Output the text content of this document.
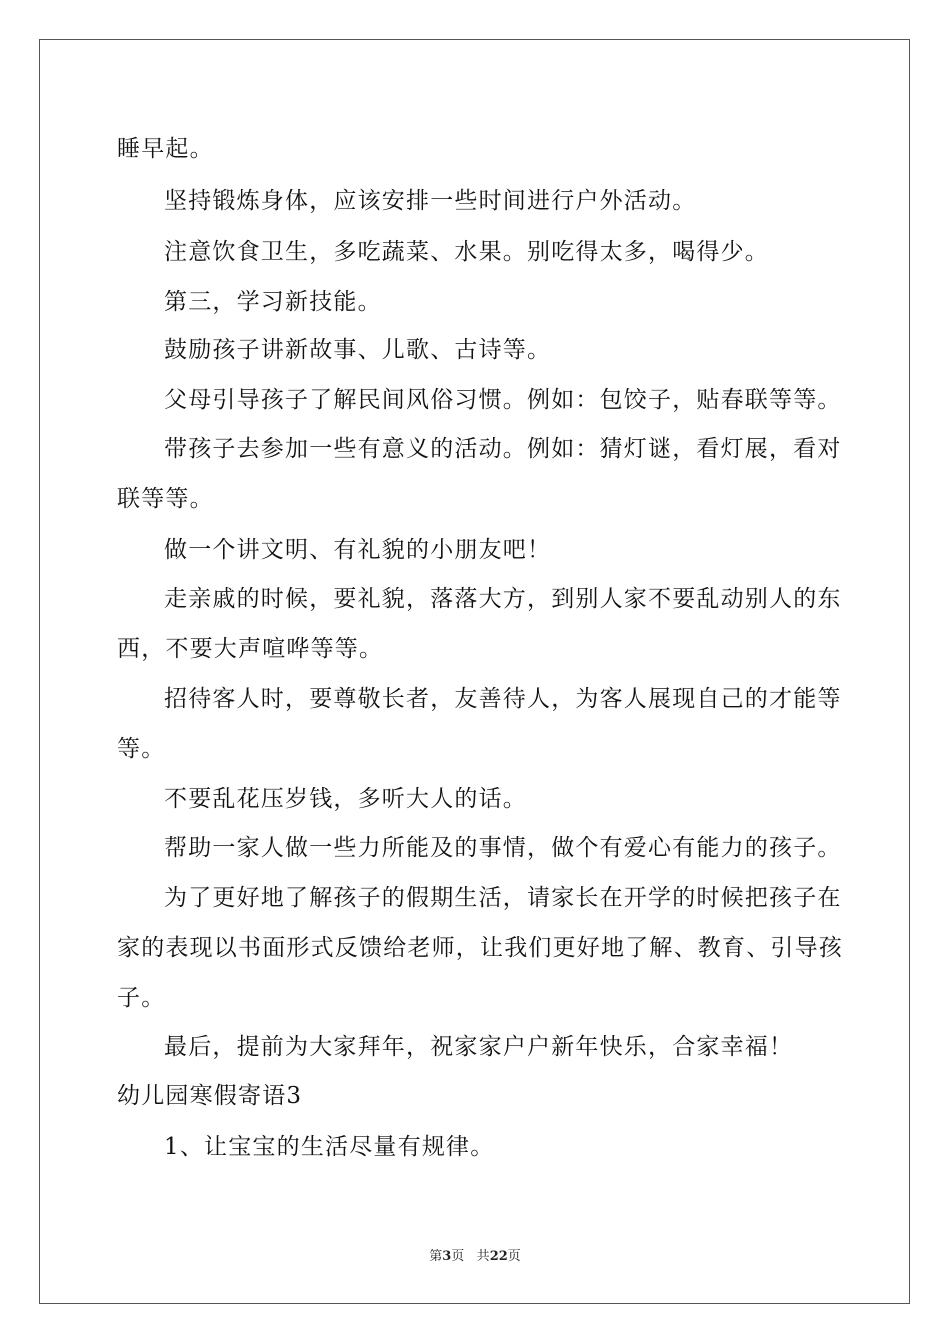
睡早起。
坚持锻炼身体，应该安排一些时间进行户外活动。
注意饮食卫生，多吃蔬菜、水果。别吃得太多，喝得少。
第三，学习新技能。
鼓励孩子讲新故事、儿歌、古诗等。
父母引导孩子了解民间风俗习惯。例如：包饺子，贴春联等等。
带孩子去参加一些有意义的活动。例如：猜灯谜，看灯展，看对
联等等。
做一个讲文明、有礼貌的小朋友吧！
走亲戚的时候，要礼貌，落落大方，到别人家不要乱动别人的东
西，不要大声喧哗等等。
招待客人时，要尊敬长者，友善待人，为客人展现自己的才能等
等。
不要乱花压岁钱，多听大人的话。
帮助一家人做一些力所能及的事情，做个有爱心有能力的孩子。
为了更好地了解孩子的假期生活，请家长在开学的时候把孩子在
家的表现以书面形式反馈给老师，让我们更好地了解、教育、引导孩
子。
最后，提前为大家拜年，祝家家户户新年快乐，合家幸福！
幼儿园寒假寄语3
1、让宝宝的生活尽量有规律。
第3页 共22页
